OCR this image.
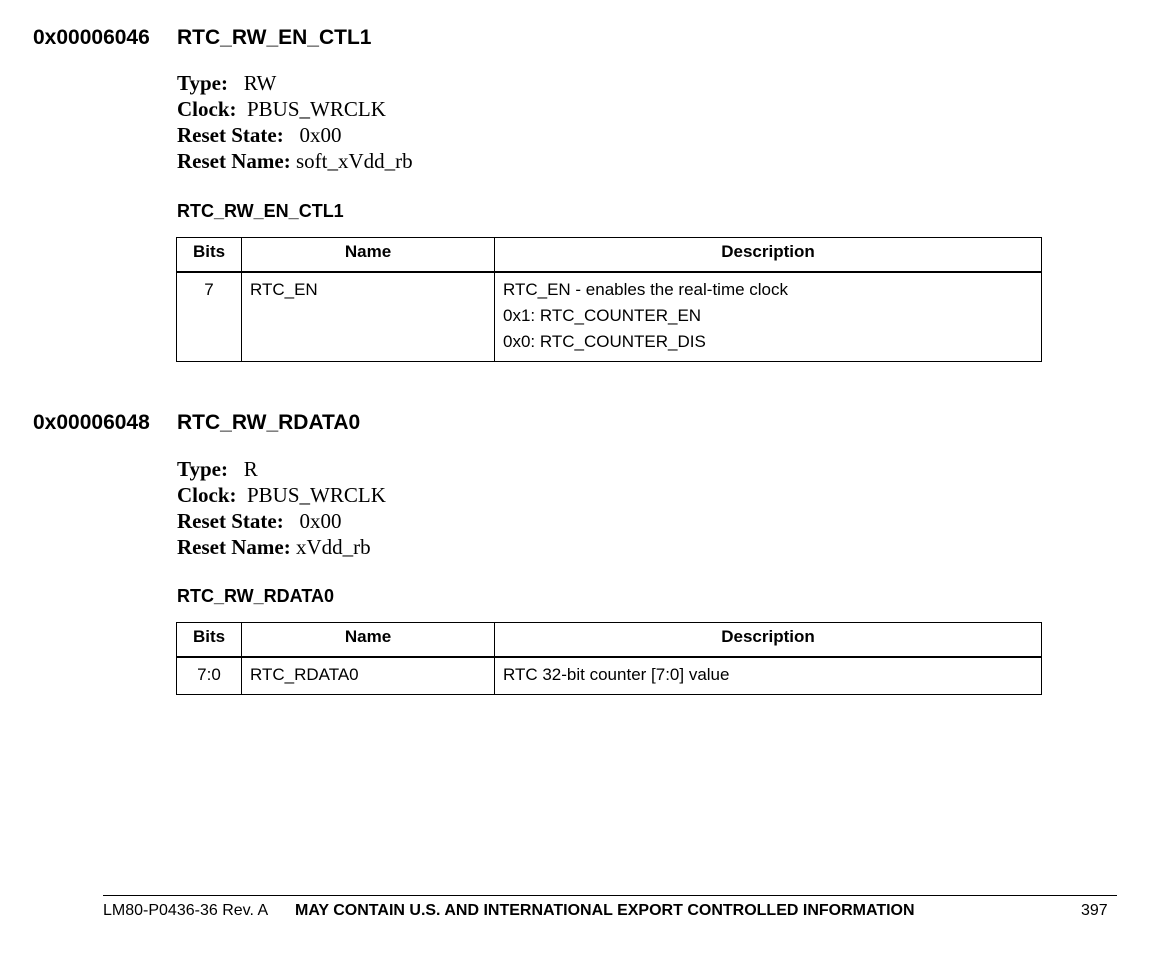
0x00006046 RTC_RW_EN_CTL1
Type: RW
Clock: PBUS_WRCLK
Reset State: 0x00
Reset Name: soft_xVdd_rb
RTC_RW_EN_CTL1
Bits	Name	Description
7	RTC_EN	RTC_EN - enables the real-time clock
0x1: RTC_COUNTER_EN
0x0: RTC_COUNTER_DIS
0x00006048 RTC_RW_RDATA0
Type: R
Clock: PBUS_WRCLK
Reset State: 0x00
Reset Name: xVdd_rb
RTC_RW_RDATA0
Bits	Name	Description
7:0	RTC_RDATA0	RTC 32-bit counter [7:0] value
LM80-P0436-36 Rev. A MAY CONTAIN U.S. AND INTERNATIONAL EXPORT CONTROLLED INFORMATION	397
